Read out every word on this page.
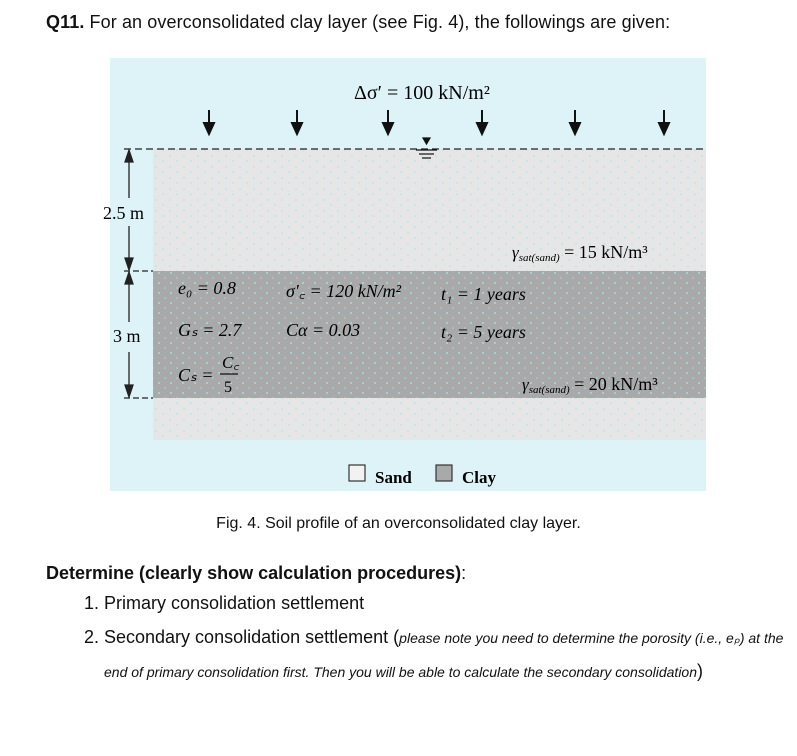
Q11. For an overconsolidated clay layer (see Fig. 4), the followings are given:
2.5 m
3 m
Δσ′ = 100 kN/m²
γsat(sand) = 15 kN/m³
e₀ = 0.8
Gₛ = 2.7
Cₛ =
C꜀
5
σ′꜀ = 120 kN/m²
Cα = 0.03
t₁ = 1 years
t₂ = 5 years
γsat(sand) = 20 kN/m³
Sand	Clay
Fig. 4. Soil profile of an overconsolidated clay layer.
Determine (clearly show calculation procedures):
1. Primary consolidation settlement
2. Secondary consolidation settlement (please note you need to determine the porosity (i.e., eₚ) at the end of primary consolidation first. Then you will be able to calculate the secondary consolidation)
